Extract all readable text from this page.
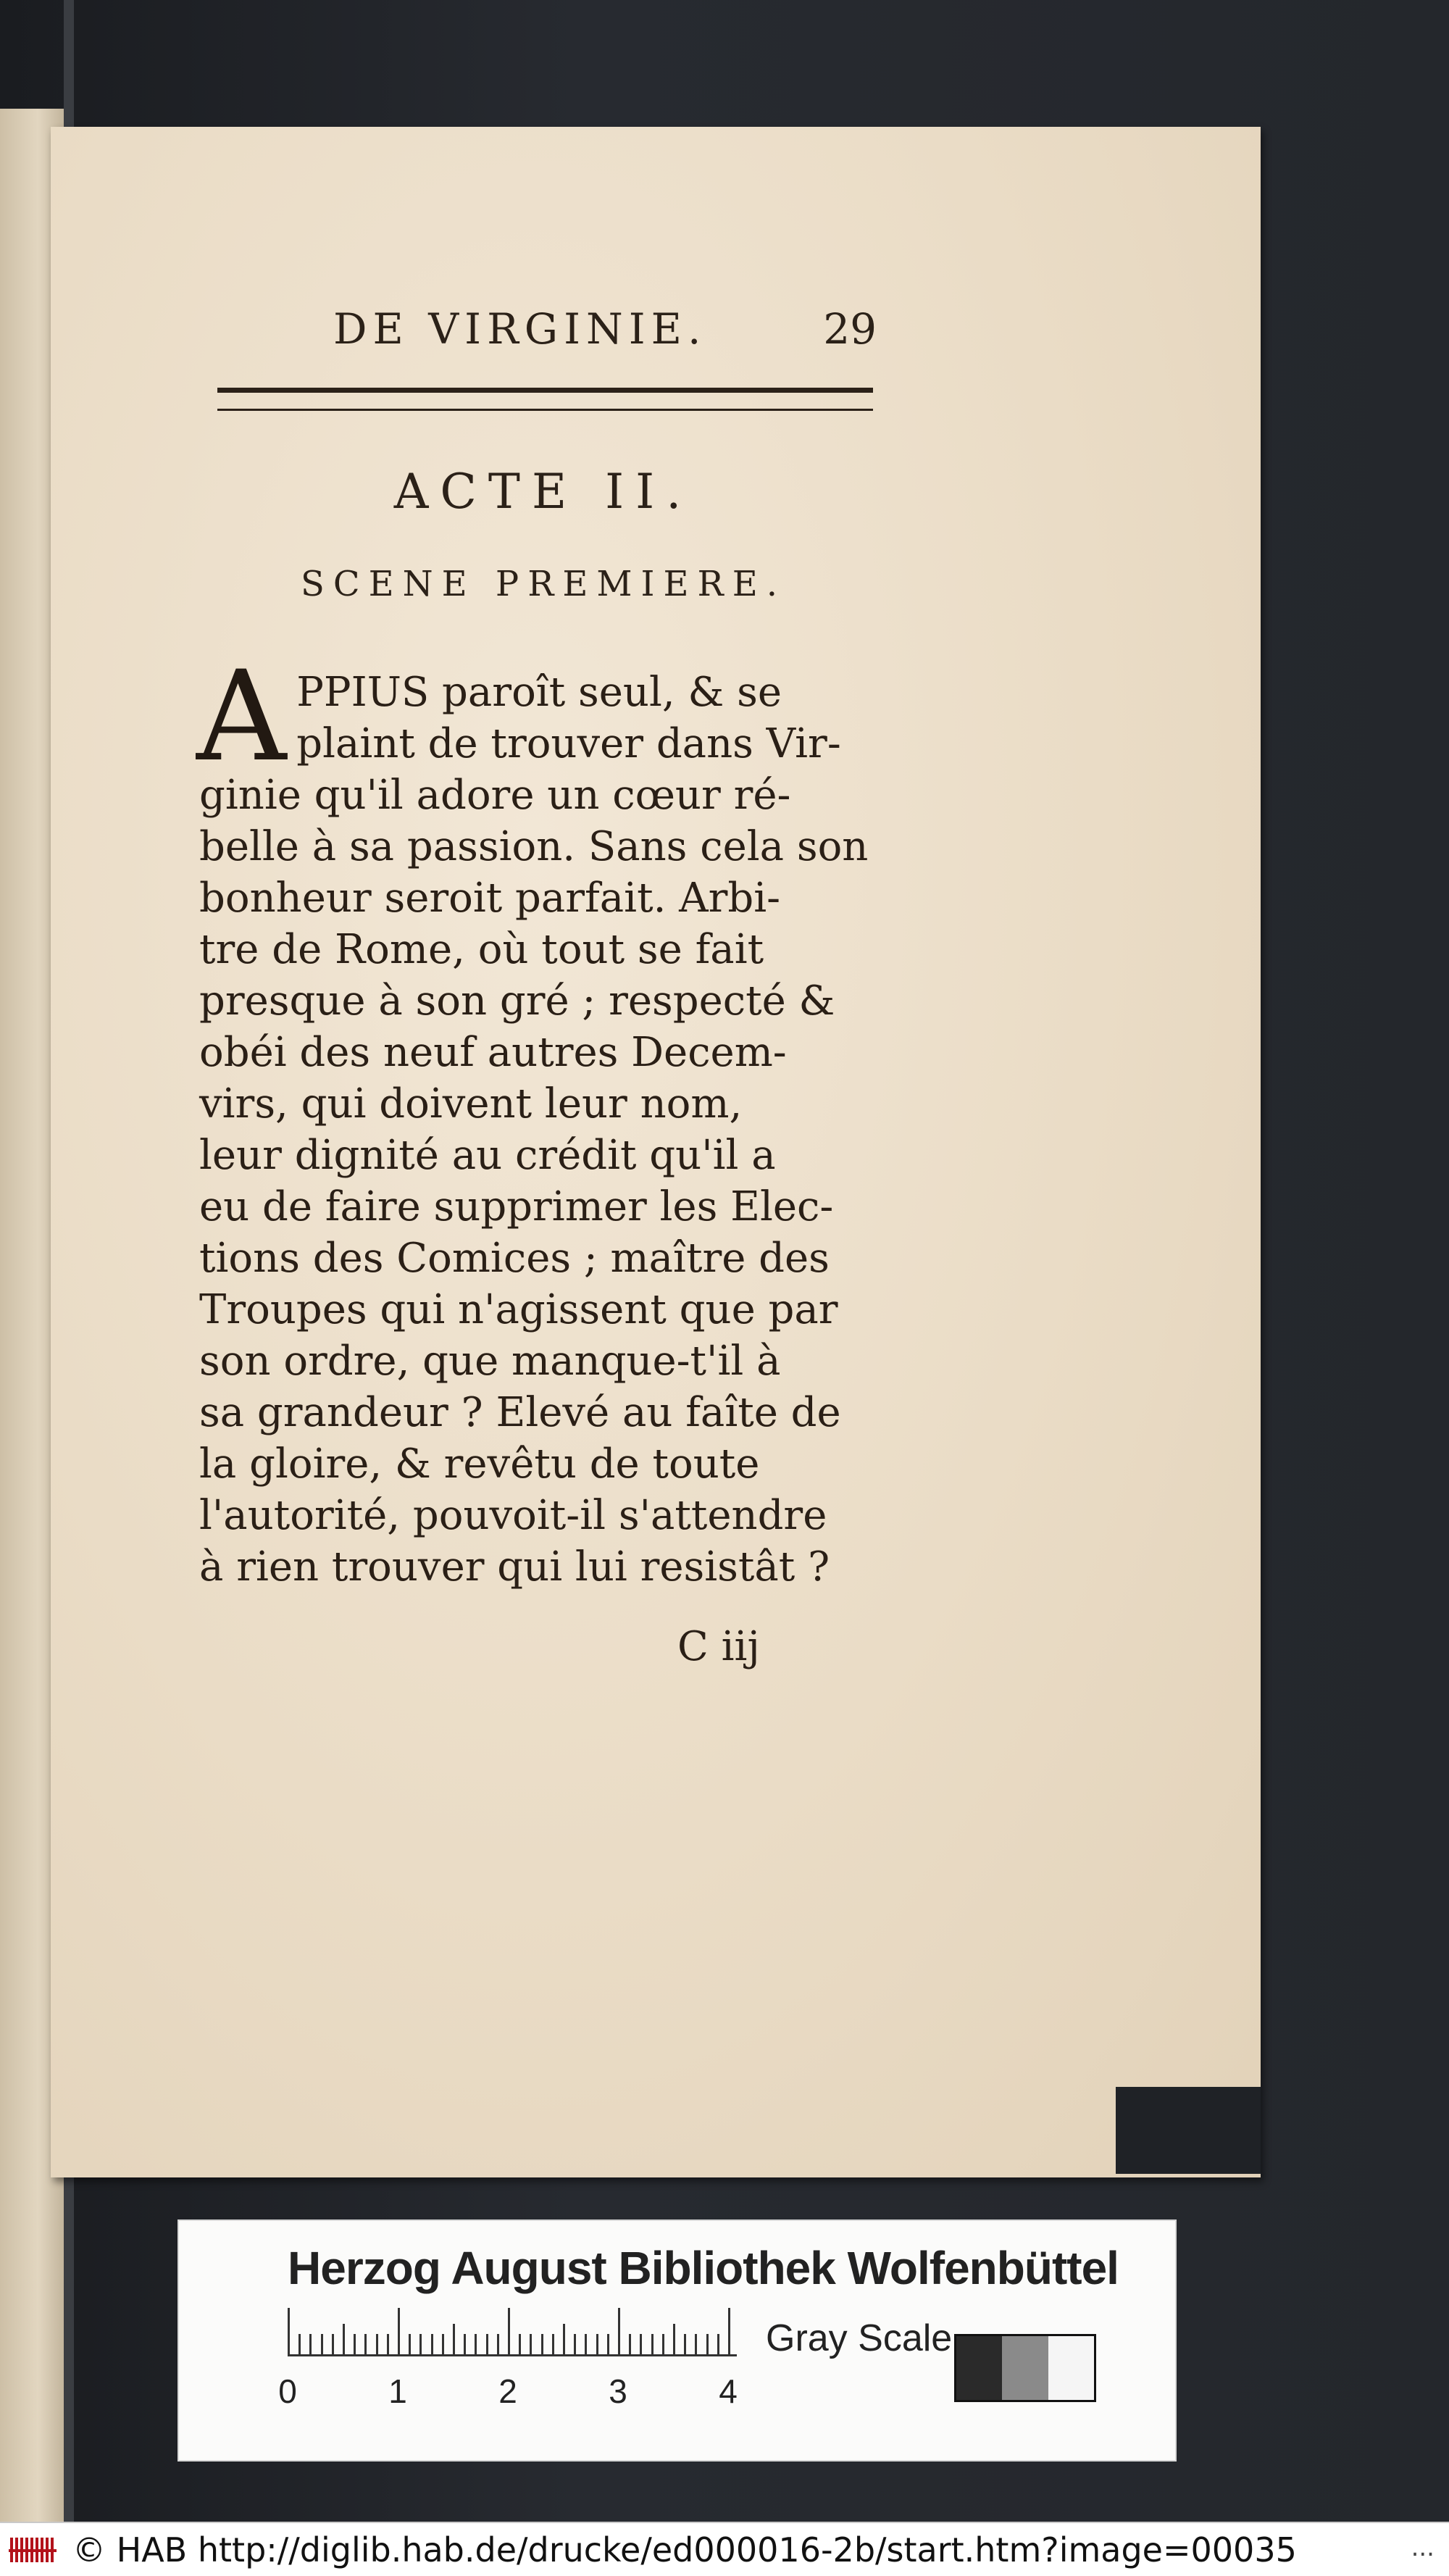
DE VIRGINIE.	29
ACTE II.
SCENE PREMIERE.
A PPIUS paroît seul, & se
plaint de trouver dans Vir-
ginie qu'il adore un cœur ré-
belle à sa passion. Sans cela son
bonheur seroit parfait. Arbi-
tre de Rome, où tout se fait
presque à son gré ; respecté &
obéi des neuf autres Decem-
virs, qui doivent leur nom,
leur dignité au crédit qu'il a
eu de faire supprimer les Elec-
tions des Comices ; maître des
Troupes qui n'agissent que par
son ordre, que manque-t'il à
sa grandeur ? Elevé au faîte de
la gloire, & revêtu de toute
l'autorité, pouvoit-il s'attendre
à rien trouver qui lui resistât ?
C iij
Herzog August Bibliothek Wolfenbüttel
0	1	2	3	4
Gray Scale
© HAB http://diglib.hab.de/drucke/ed000016-2b/start.htm?image=00035	...
